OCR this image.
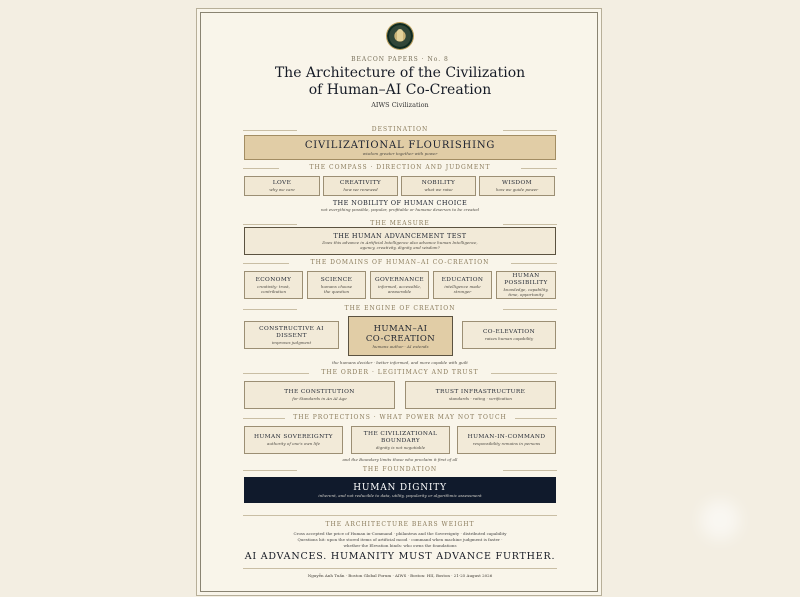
BEACON PAPERS · No. 8
The Architecture of the Civilization
of Human–AI Co-Creation
AIWS Civilization
DESTINATION
CIVILIZATIONAL FLOURISHING
wisdom greater together with power
THE COMPASS · DIRECTION AND JUDGMENT
LOVE
why we care
CREATIVITY
how we renewed
NOBILITY
what we raise
WISDOM
how we guide power
THE NOBILITY OF HUMAN CHOICE
not everything possible, popular, profitable or humane deserves to be created
THE MEASURE
THE HUMAN ADVANCEMENT TEST
Does this advance in Artificial Intelligence also advance human Intelligence,
agency, creativity, dignity and wisdom?
THE DOMAINS OF HUMAN–AI CO-CREATION
ECONOMY
creativity: trust,
contribution
SCIENCE
humans choose
the question
GOVERNANCE
informed, accessible,
answerable
EDUCATION
intelligence made
stronger
HUMAN POSSIBILITY
knowledge, capability,
time, opportunity
THE ENGINE OF CREATION
CONSTRUCTIVE AI DISSENT
improves judgment
HUMAN–AI
CO-CREATION
humans author · AI extends
CO-ELEVATION
raises human capability
the humans decider · better informed, and more capable with guilt
THE ORDER · LEGITIMACY AND TRUST
THE CONSTITUTION
for Standards in An AI Age
TRUST INFRASTRUCTURE
standards · rating · verification
THE PROTECTIONS · WHAT POWER MAY NOT TOUCH
HUMAN SOVEREIGNTY
authority of one's own life
THE CIVILIZATIONAL BOUNDARY
dignity is not negotiable
HUMAN-IN-COMMAND
responsibility remains in persons
and the Boundary limits those who proclaim it first of all
THE FOUNDATION
HUMAN DIGNITY
inherent, and not reducible to data, utility, popularity or algorithmic assessment
THE ARCHITECTURE BEARS WEIGHT
Cross accepted the price of Human in-Command · philantrus and the Sovereignty · distributed capability
Questions hit: upon the stored items of artificial mood · command when machine judgment is faster ·
whether the Elevation binds: who owns the foundations
AI ADVANCES. HUMANITY MUST ADVANCE FURTHER.
Nguyễn Anh Tuấn · Boston Global Forum · AIWS · Boston: HII, Boston · 21-25 August 2026
